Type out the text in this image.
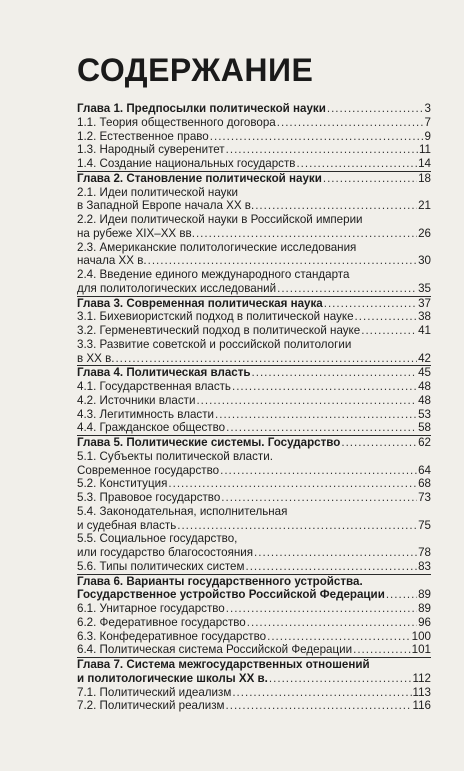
СОДЕРЖАНИЕ
Глава 1. Предпосылки политической науки .....	3
1.1. Теория общественного договора .....	7
1.2. Естественное право .....	9
1.3. Народный суверенитет .....	11
1.4. Создание национальных государств .....	14
Глава 2. Становление политической науки .....	18
2.1. Идеи политической науки
в Западной Европе начала XX в. .....	21
2.2. Идеи политической науки в Российской империи
на рубеже XIX–XX вв. .....	26
2.3. Американские политологические исследования
начала XX в. .....	30
2.4. Введение единого международного стандарта
для политологических исследований .....	35
Глава 3. Современная политическая наука .....	37
3.1. Бихевиористский подход в политической науке .....	38
3.2. Герменевтический подход в политической науке .....	41
3.3. Развитие советской и российской политологии
в XX в. .....	42
Глава 4. Политическая власть .....	45
4.1. Государственная власть .....	48
4.2. Источники власти .....	48
4.3. Легитимность власти .....	53
4.4. Гражданское общество .....	58
Глава 5. Политические системы. Государство .....	62
5.1. Субъекты политической власти.
Современное государство .....	64
5.2. Конституция .....	68
5.3. Правовое государство .....	73
5.4. Законодательная, исполнительная
и судебная власть .....	75
5.5. Социальное государство,
или государство благосостояния .....	78
5.6. Типы политических систем .....	83
Глава 6. Варианты государственного устройства.
Государственное устройство Российской Федерации .....	89
6.1. Унитарное государство .....	89
6.2. Федеративное государство .....	96
6.3. Конфедеративное государство .....	100
6.4. Политическая система Российской Федерации .....	101
Глава 7. Система межгосударственных отношений
и политологические школы XX в. .....	112
7.1. Политический идеализм .....	113
7.2. Политический реализм .....	116
